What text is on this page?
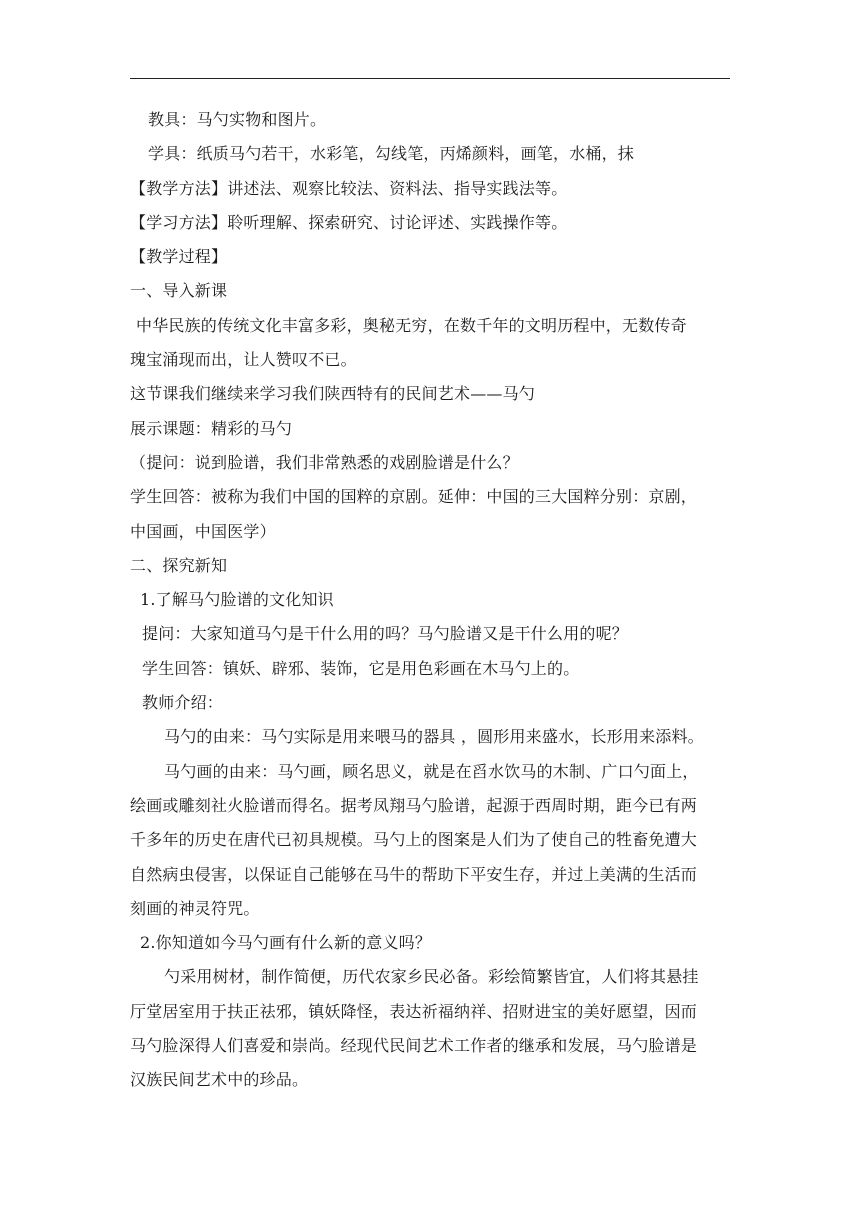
教具：马勺实物和图片。
学具：纸质马勺若干，水彩笔，勾线笔，丙烯颜料，画笔，水桶，抹
【教学方法】讲述法、观察比较法、资料法、指导实践法等。
【学习方法】聆听理解、探索研究、讨论评述、实践操作等。
【教学过程】
一、导入新课
中华民族的传统文化丰富多彩，奥秘无穷，在数千年的文明历程中，无数传奇
瑰宝涌现而出，让人赞叹不已。
这节课我们继续来学习我们陕西特有的民间艺术——马勺
展示课题：精彩的马勺
（提问：说到脸谱，我们非常熟悉的戏剧脸谱是什么？
学生回答：被称为我们中国的国粹的京剧。延伸：中国的三大国粹分别：京剧，
中国画，中国医学）
二、探究新知
1.了解马勺脸谱的文化知识
提问：大家知道马勺是干什么用的吗？马勺脸谱又是干什么用的呢？
学生回答：镇妖、辟邪、装饰，它是用色彩画在木马勺上的。
教师介绍：
马勺的由来：马勺实际是用来喂马的器具 ，圆形用来盛水，长形用来添料。
马勺画的由来：马勺画，顾名思义，就是在舀水饮马的木制、广口勺面上，
绘画或雕刻社火脸谱而得名。据考凤翔马勺脸谱，起源于西周时期，距今已有两
千多年的历史在唐代已初具规模。马勺上的图案是人们为了使自己的牲畜免遭大
自然病虫侵害，以保证自己能够在马牛的帮助下平安生存，并过上美满的生活而
刻画的神灵符咒。
2.你知道如今马勺画有什么新的意义吗？
勺采用树材，制作简便，历代农家乡民必备。彩绘简繁皆宜，人们将其悬挂
厅堂居室用于扶正祛邪，镇妖降怪，表达祈福纳祥、招财进宝的美好愿望，因而
马勺脸深得人们喜爱和崇尚。经现代民间艺术工作者的继承和发展，马勺脸谱是
汉族民间艺术中的珍品。
